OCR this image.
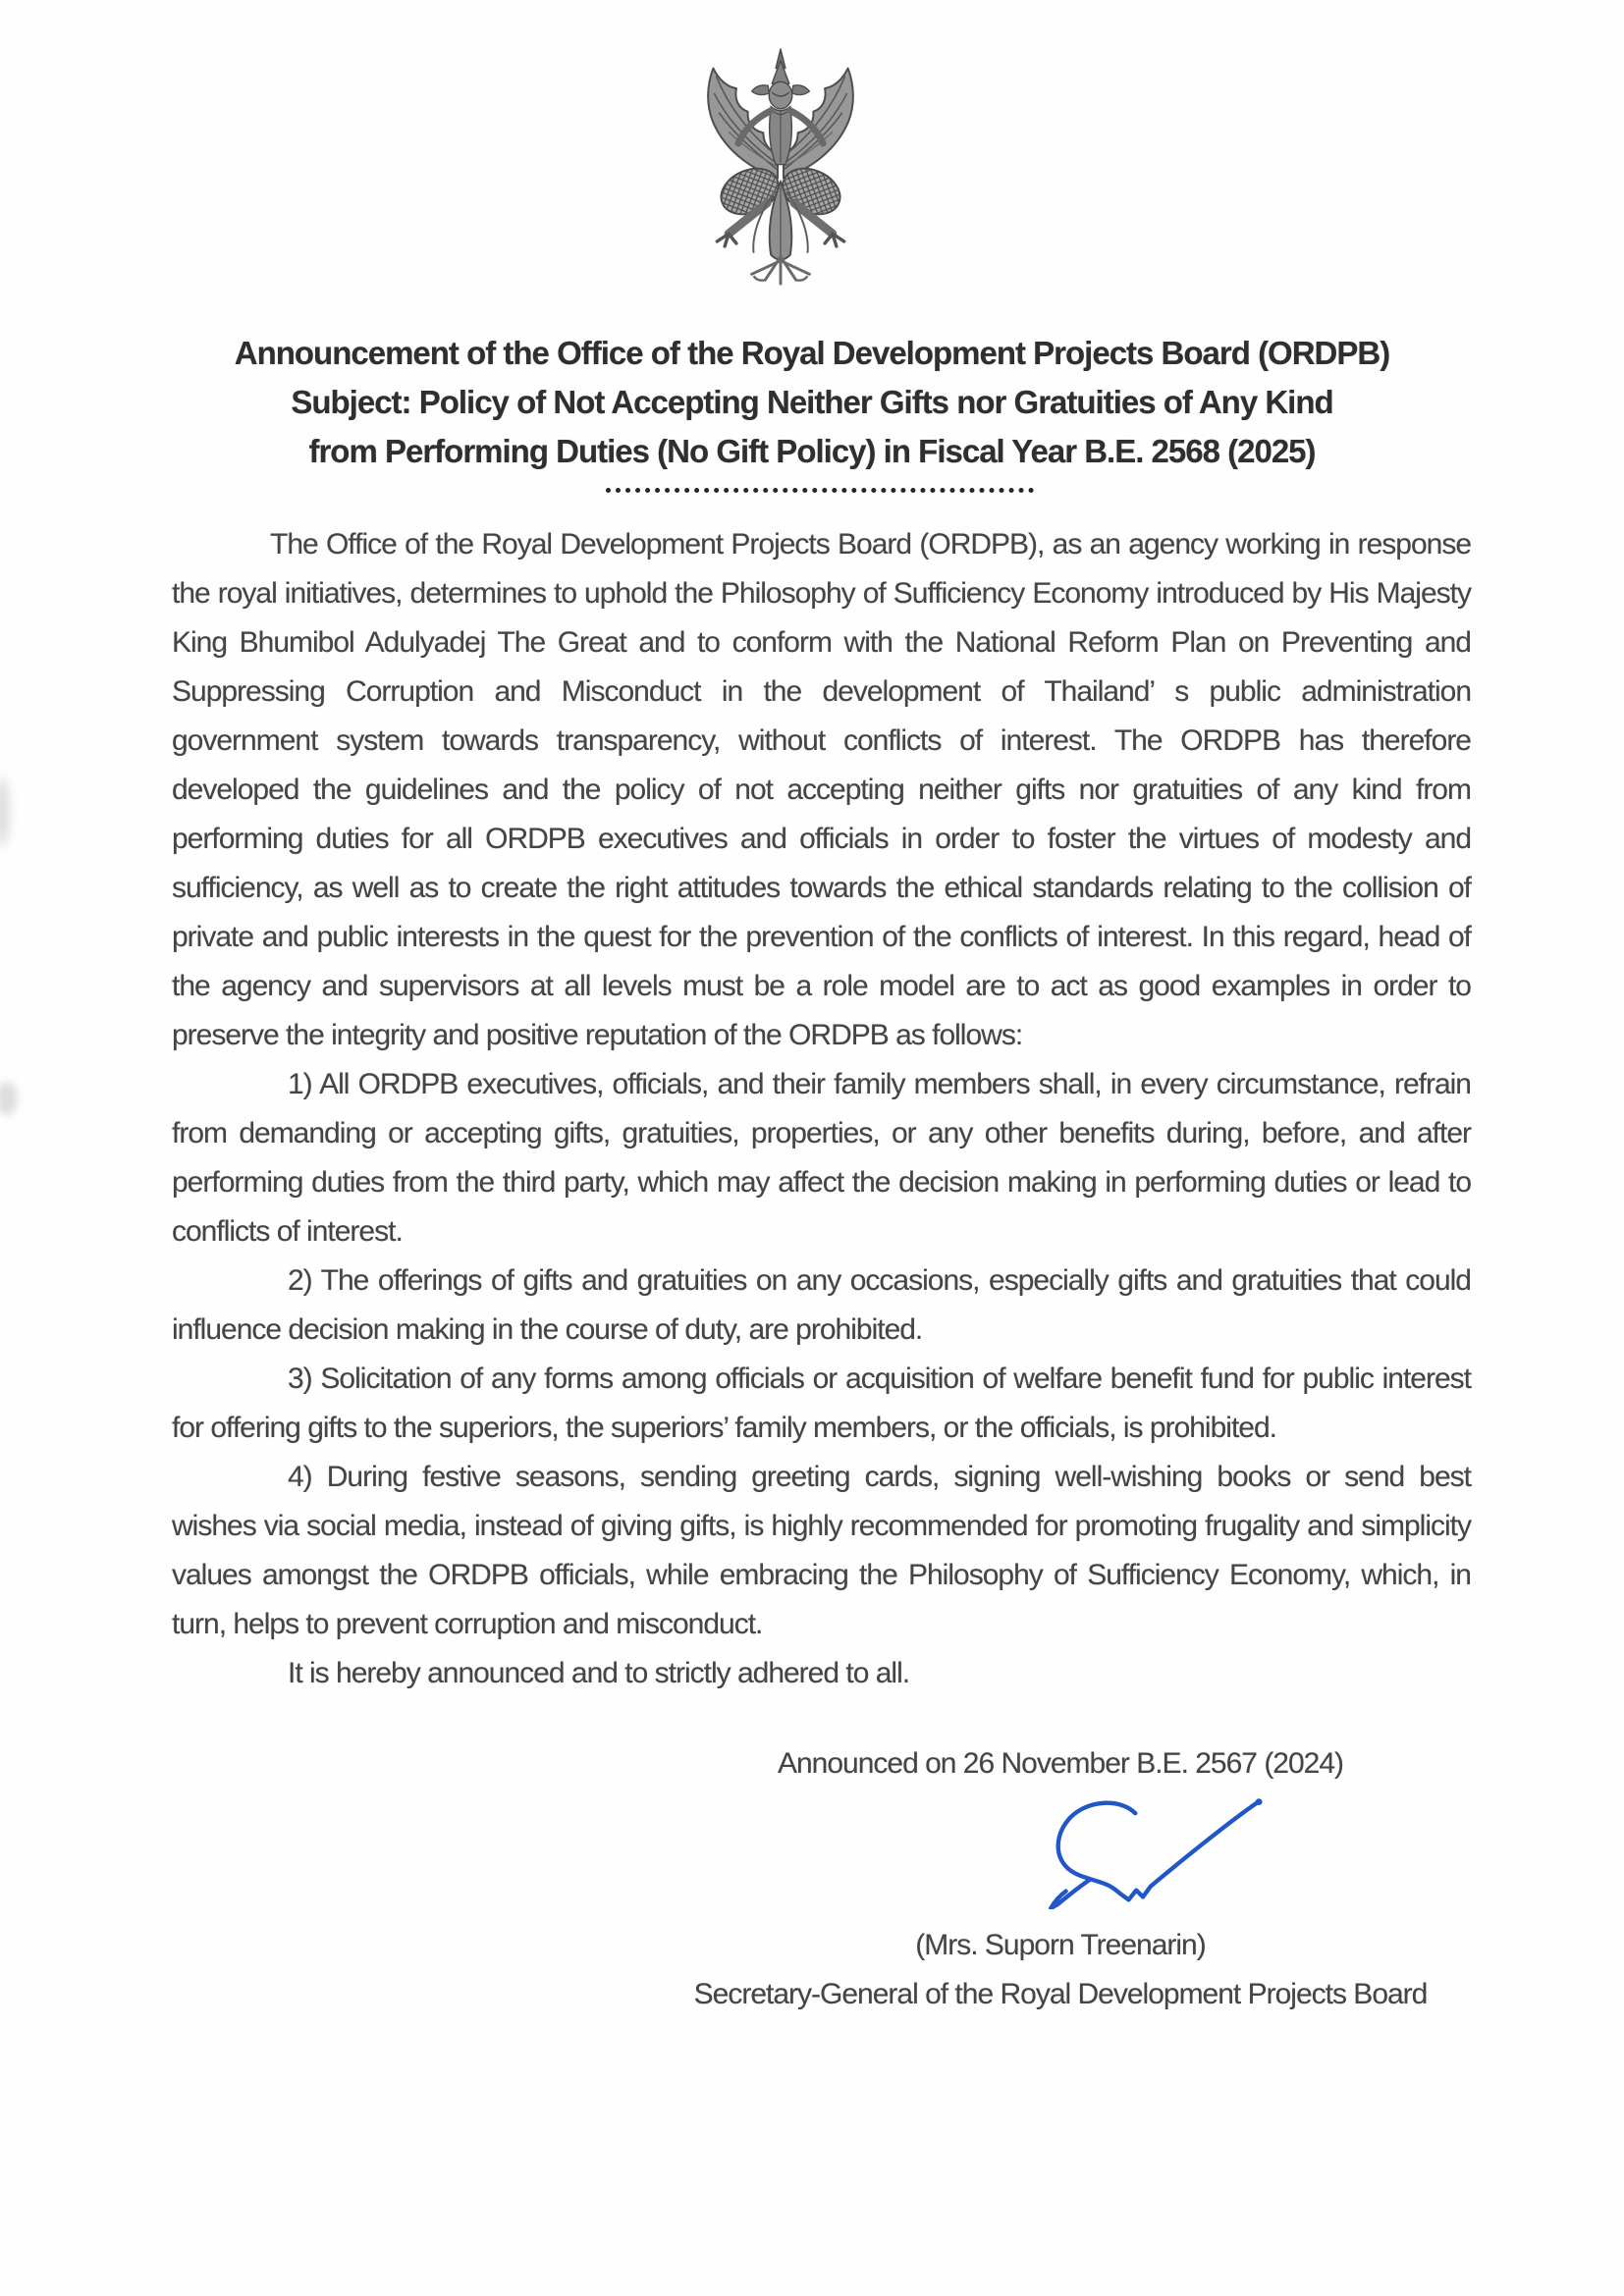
Announcement of the Office of the Royal Development Projects Board (ORDPB)
Subject: Policy of Not Accepting Neither Gifts nor Gratuities of Any Kind
from Performing Duties (No Gift Policy) in Fiscal Year B.E. 2568 (2025)

The Office of the Royal Development Projects Board (ORDPB), as an agency working in response the royal initiatives, determines to uphold the Philosophy of Sufficiency Economy introduced by His Majesty King Bhumibol Adulyadej The Great and to conform with the National Reform Plan on Preventing and Suppressing Corruption and Misconduct in the development of Thailand’ s public administration government system towards transparency, without conflicts of interest. The ORDPB has therefore developed the guidelines and the policy of not accepting neither gifts nor gratuities of any kind from performing duties for all ORDPB executives and officials in order to foster the virtues of modesty and sufficiency, as well as to create the right attitudes towards the ethical standards relating to the collision of private and public interests in the quest for the prevention of the conflicts of interest. In this regard, head of the agency and supervisors at all levels must be a role model are to act as good examples in order to preserve the integrity and positive reputation of the ORDPB as follows:

1) All ORDPB executives, officials, and their family members shall, in every circumstance, refrain from demanding or accepting gifts, gratuities, properties, or any other benefits during, before, and after performing duties from the third party, which may affect the decision making in performing duties or lead to conflicts of interest.

2) The offerings of gifts and gratuities on any occasions, especially gifts and gratuities that could influence decision making in the course of duty, are prohibited.

3) Solicitation of any forms among officials or acquisition of welfare benefit fund for public interest for offering gifts to the superiors, the superiors’ family members, or the officials, is prohibited.

4) During festive seasons, sending greeting cards, signing well-wishing books or send best wishes via social media, instead of giving gifts, is highly recommended for promoting frugality and simplicity values amongst the ORDPB officials, while embracing the Philosophy of Sufficiency Economy, which, in turn, helps to prevent corruption and misconduct.

It is hereby announced and to strictly adhered to all.

Announced on 26 November B.E. 2567 (2024)
(Mrs. Suporn Treenarin)
Secretary-General of the Royal Development Projects Board
